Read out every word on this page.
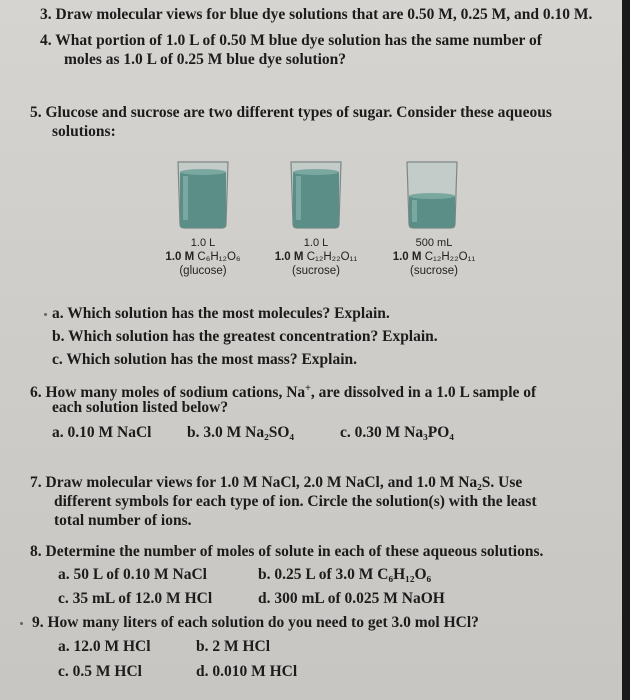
3. Draw molecular views for blue dye solutions that are 0.50 M, 0.25 M, and 0.10 M.
4. What portion of 1.0 L of 0.50 M blue dye solution has the same number of
moles as 1.0 L of 0.25 M blue dye solution?
5. Glucose and sucrose are two different types of sugar. Consider these aqueous
solutions:
1.0 L
1.0 M C₆H₁₂O₆
(glucose)
1.0 L
1.0 M C₁₂H₂₂O₁₁
(sucrose)
500 mL
1.0 M C₁₂H₂₂O₁₁
(sucrose)
a. Which solution has the most molecules? Explain.
b. Which solution has the greatest concentration? Explain.
c. Which solution has the most mass? Explain.
6. How many moles of sodium cations, Na+, are dissolved in a 1.0 L sample of
each solution listed below?
a. 0.10 M NaCl b. 3.0 M Na₂SO₄	c. 0.30 M Na₃PO₄
7. Draw molecular views for 1.0 M NaCl, 2.0 M NaCl, and 1.0 M Na₂S. Use
different symbols for each type of ion. Circle the solution(s) with the least
total number of ions.
8. Determine the number of moles of solute in each of these aqueous solutions.
a. 50 L of 0.10 M NaCl	b. 0.25 L of 3.0 M C₆H₁₂O₆
c. 35 mL of 12.0 M HCl	d. 300 mL of 0.025 M NaOH
9. How many liters of each solution do you need to get 3.0 mol HCl?
a. 12.0 M HCl	b. 2 M HCl
c. 0.5 M HCl	d. 0.010 M HCl
